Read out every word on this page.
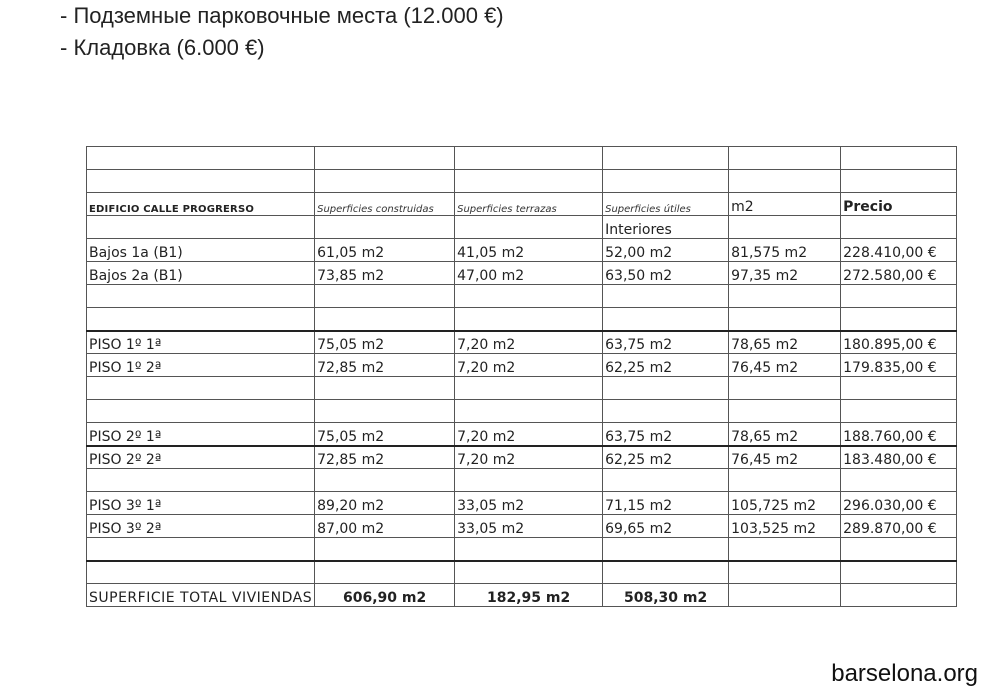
- Подземные парковочные места (12.000 €)
- Кладовка (6.000 €)

EDIFICIO CALLE PROGRERSO	Superficies construidas	Superficies terrazas	Superficies útiles	m2	Precio
			Interiores		
Bajos 1a (B1)	61,05 m2	41,05 m2	52,00 m2	81,575 m2	228.410,00 €
Bajos 2a (B1)	73,85 m2	47,00 m2	63,50 m2	97,35 m2	272.580,00 €

PISO 1º 1ª	75,05 m2	7,20 m2	63,75 m2	78,65 m2	180.895,00 €
PISO 1º 2ª	72,85 m2	7,20 m2	62,25 m2	76,45 m2	179.835,00 €

PISO 2º 1ª	75,05 m2	7,20 m2	63,75 m2	78,65 m2	188.760,00 €
PISO 2º 2ª	72,85 m2	7,20 m2	62,25 m2	76,45 m2	183.480,00 €

PISO 3º 1ª	89,20 m2	33,05 m2	71,15 m2	105,725 m2	296.030,00 €
PISO 3º 2ª	87,00 m2	33,05 m2	69,65 m2	103,525 m2	289.870,00 €

SUPERFICIE TOTAL VIVIENDAS	606,90 m2	182,95 m2	508,30 m2		
barselona.org
